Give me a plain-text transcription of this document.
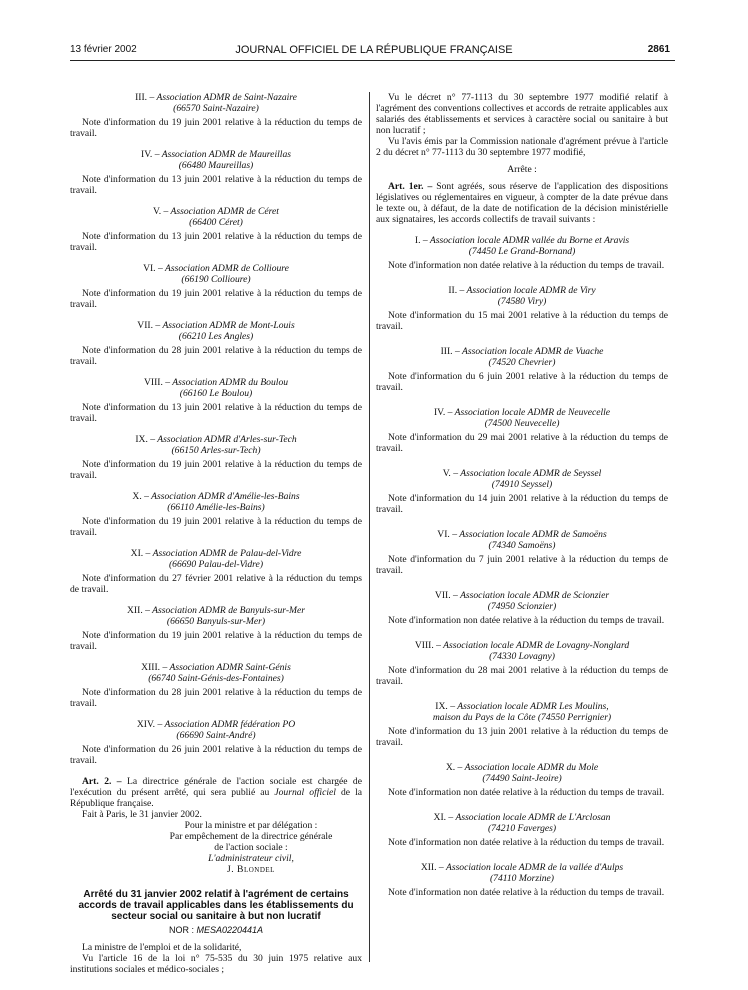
13 février 2002	JOURNAL OFFICIEL DE LA RÉPUBLIQUE FRANÇAISE	2861
III. – Association ADMR de Saint-Nazaire
(66570 Saint-Nazaire)
Note d'information du 19 juin 2001 relative à la réduction du temps de travail.
IV. – Association ADMR de Maureillas
(66480 Maureillas)
Note d'information du 13 juin 2001 relative à la réduction du temps de travail.
V. – Association ADMR de Céret
(66400 Céret)
Note d'information du 13 juin 2001 relative à la réduction du temps de travail.
VI. – Association ADMR de Collioure
(66190 Collioure)
Note d'information du 19 juin 2001 relative à la réduction du temps de travail.
VII. – Association ADMR de Mont-Louis
(66210 Les Angles)
Note d'information du 28 juin 2001 relative à la réduction du temps de travail.
VIII. – Association ADMR du Boulou
(66160 Le Boulou)
Note d'information du 13 juin 2001 relative à la réduction du temps de travail.
IX. – Association ADMR d'Arles-sur-Tech
(66150 Arles-sur-Tech)
Note d'information du 19 juin 2001 relative à la réduction du temps de travail.
X. – Association ADMR d'Amélie-les-Bains
(66110 Amélie-les-Bains)
Note d'information du 19 juin 2001 relative à la réduction du temps de travail.
XI. – Association ADMR de Palau-del-Vidre
(66690 Palau-del-Vidre)
Note d'information du 27 février 2001 relative à la réduction du temps de travail.
XII. – Association ADMR de Banyuls-sur-Mer
(66650 Banyuls-sur-Mer)
Note d'information du 19 juin 2001 relative à la réduction du temps de travail.
XIII. – Association ADMR Saint-Génis
(66740 Saint-Génis-des-Fontaines)
Note d'information du 28 juin 2001 relative à la réduction du temps de travail.
XIV. – Association ADMR fédération PO
(66690 Saint-André)
Note d'information du 26 juin 2001 relative à la réduction du temps de travail.

Art. 2. – La directrice générale de l'action sociale est chargée de l'exécution du présent arrêté, qui sera publié au Journal officiel de la République française.

Fait à Paris, le 31 janvier 2002.

Pour la ministre et par délégation :
Par empêchement de la directrice générale
de l'action sociale :
L'administrateur civil,
J. Blondel
Arrêté du 31 janvier 2002 relatif à l'agrément de certains accords de travail applicables dans les établissements du secteur social ou sanitaire à but non lucratif
NOR : MESA0220441A

La ministre de l'emploi et de la solidarité,

Vu l'article 16 de la loi n° 75-535 du 30 juin 1975 relative aux institutions sociales et médico-sociales ;

Vu le décret n° 77-1113 du 30 septembre 1977 modifié relatif à l'agrément des conventions collectives et accords de retraite applicables aux salariés des établissements et services à caractère social ou sanitaire à but non lucratif ;

Vu l'avis émis par la Commission nationale d'agrément prévue à l'article 2 du décret n° 77-1113 du 30 septembre 1977 modifié,

Arrête :

Art. 1er. – Sont agréés, sous réserve de l'application des dispositions législatives ou réglementaires en vigueur, à compter de la date prévue dans le texte ou, à défaut, de la date de notification de la décision ministérielle aux signataires, les accords collectifs de travail suivants :

I. – Association locale ADMR vallée du Borne et Aravis
(74450 Le Grand-Bornand)
Note d'information non datée relative à la réduction du temps de travail.
II. – Association locale ADMR de Viry
(74580 Viry)
Note d'information du 15 mai 2001 relative à la réduction du temps de travail.
III. – Association locale ADMR de Vuache
(74520 Chevrier)
Note d'information du 6 juin 2001 relative à la réduction du temps de travail.
IV. – Association locale ADMR de Neuvecelle
(74500 Neuvecelle)
Note d'information du 29 mai 2001 relative à la réduction du temps de travail.
V. – Association locale ADMR de Seyssel
(74910 Seyssel)
Note d'information du 14 juin 2001 relative à la réduction du temps de travail.
VI. – Association locale ADMR de Samoëns
(74340 Samoëns)
Note d'information du 7 juin 2001 relative à la réduction du temps de travail.
VII. – Association locale ADMR de Scionzier
(74950 Scionzier)
Note d'information non datée relative à la réduction du temps de travail.
VIII. – Association locale ADMR de Lovagny-Nonglard
(74330 Lovagny)
Note d'information du 28 mai 2001 relative à la réduction du temps de travail.
IX. – Association locale ADMR Les Moulins,
maison du Pays de la Côte (74550 Perrignier)
Note d'information du 13 juin 2001 relative à la réduction du temps de travail.
X. – Association locale ADMR du Mole
(74490 Saint-Jeoire)
Note d'information non datée relative à la réduction du temps de travail.
XI. – Association locale ADMR de L'Arclosan
(74210 Faverges)
Note d'information non datée relative à la réduction du temps de travail.
XII. – Association locale ADMR de la vallée d'Aulps
(74110 Morzine)
Note d'information non datée relative à la réduction du temps de travail.
